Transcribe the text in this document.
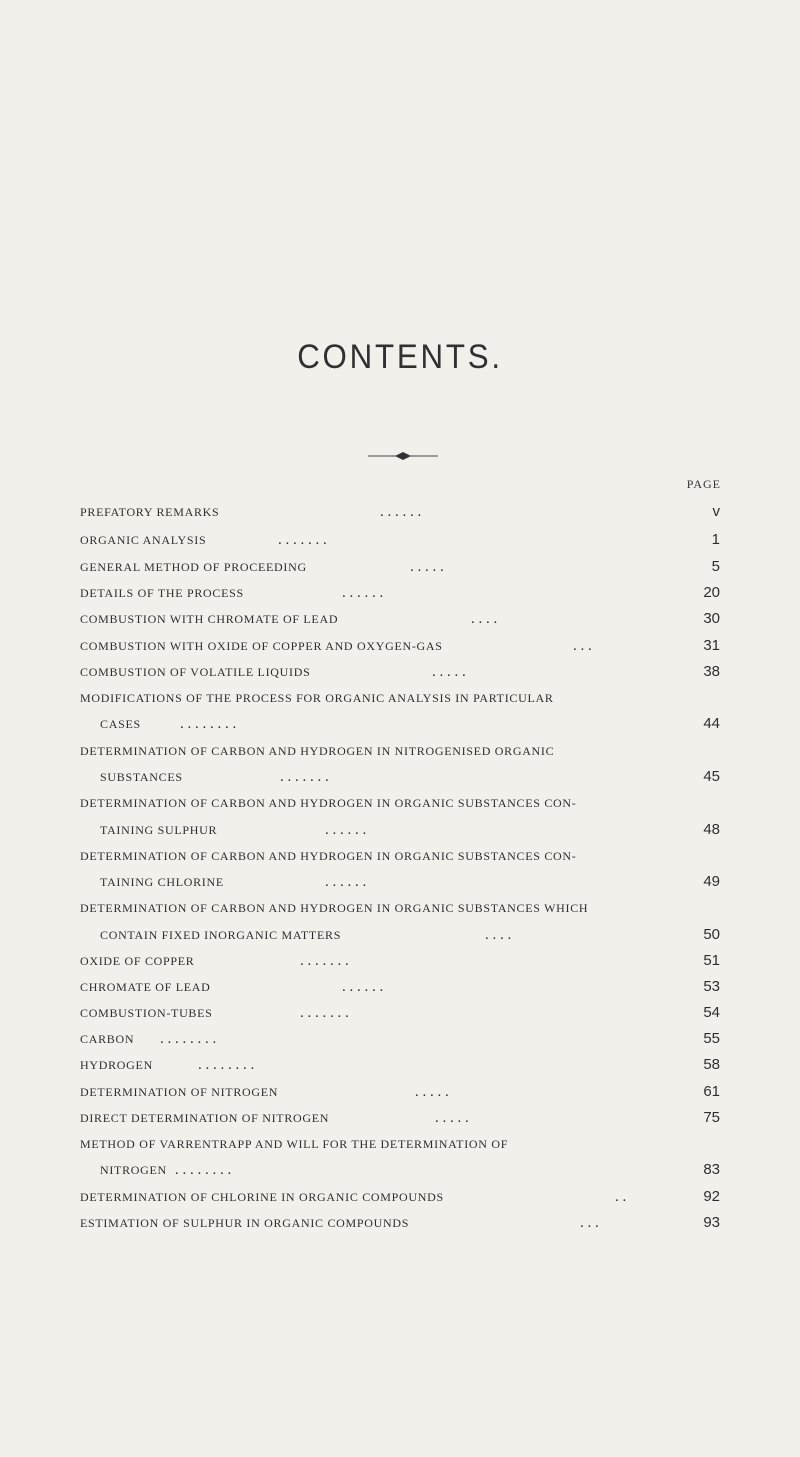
CONTENTS.
PAGE
PREFATORY REMARKS	. . . . . .	v
ORGANIC ANALYSIS	. . . . . . .	1
GENERAL METHOD OF PROCEEDING	. . . . .	5
DETAILS OF THE PROCESS	. . . . . .	20
COMBUSTION WITH CHROMATE OF LEAD	. . . .	30
COMBUSTION WITH OXIDE OF COPPER AND OXYGEN-GAS	. . .	31
COMBUSTION OF VOLATILE LIQUIDS	. . . . .	38
MODIFICATIONS OF THE PROCESS FOR ORGANIC ANALYSIS IN PARTICULAR
CASES	. . . . . . . .	44
DETERMINATION OF CARBON AND HYDROGEN IN NITROGENISED ORGANIC
SUBSTANCES	. . . . . . .	45
DETERMINATION OF CARBON AND HYDROGEN IN ORGANIC SUBSTANCES CON-
TAINING SULPHUR	. . . . . .	48
DETERMINATION OF CARBON AND HYDROGEN IN ORGANIC SUBSTANCES CON-
TAINING CHLORINE	. . . . . .	49
DETERMINATION OF CARBON AND HYDROGEN IN ORGANIC SUBSTANCES WHICH
CONTAIN FIXED INORGANIC MATTERS	. . . .	50
OXIDE OF COPPER	. . . . . . .	51
CHROMATE OF LEAD	. . . . . .	53
COMBUSTION-TUBES	. . . . . . .	54
CARBON . . . . . . . .	55
HYDROGEN	. . . . . . . .	58
DETERMINATION OF NITROGEN	. . . . .	61
DIRECT DETERMINATION OF NITROGEN	. . . . .	75
METHOD OF VARRENTRAPP AND WILL FOR THE DETERMINATION OF
NITROGEN . . . . . . . .	83
DETERMINATION OF CHLORINE IN ORGANIC COMPOUNDS	. .	92
ESTIMATION OF SULPHUR IN ORGANIC COMPOUNDS	. . .	93
